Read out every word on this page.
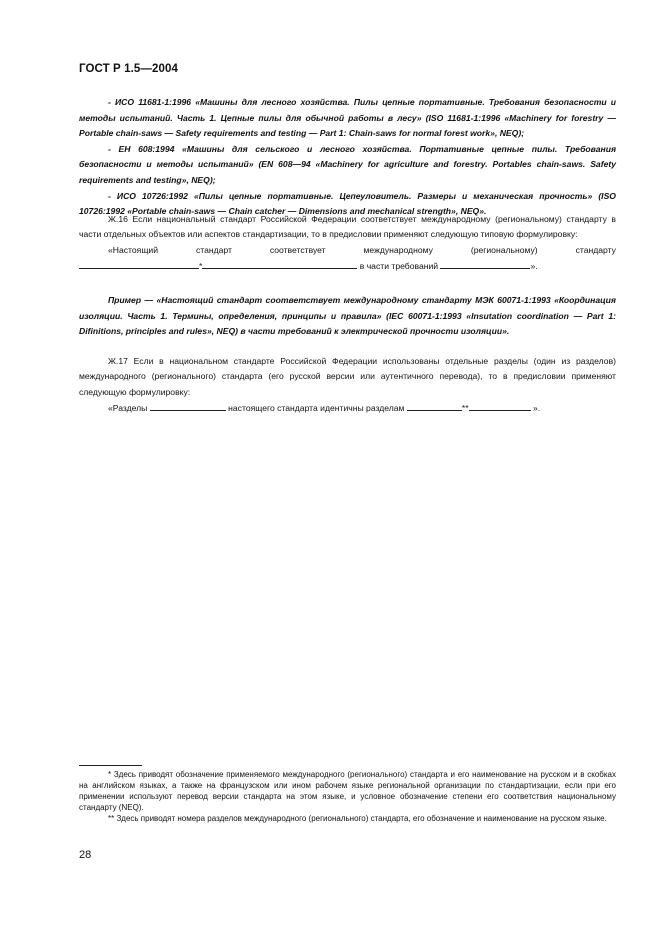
ГОСТ Р 1.5—2004

- ИСО 11681-1:1996 «Машины для лесного хозяйства. Пилы цепные портативные. Требования безопасности и методы испытаний. Часть 1. Цепные пилы для обычной работы в лесу» (ISO 11681-1:1996 «Machinery for forestry — Portable chain-saws — Safety requirements and testing — Part 1: Chain-saws for normal forest work», NEQ);

- ЕН 608:1994 «Машины для сельского и лесного хозяйства. Портативные цепные пилы. Требования безопасности и методы испытаний» (EN 608—94 «Machinery for agriculture and forestry. Portables chain-saws. Safety requirements and testing», NEQ);

- ИСО 10726:1992 «Пилы цепные портативные. Цепеуловитель. Размеры и механическая прочность» (ISO 10726:1992 «Portable chain-saws — Chain catcher — Dimensions and mechanical strength», NEQ».

Ж.16 Если национальный стандарт Российской Федерации соответствует международному (региональному) стандарту в части отдельных объектов или аспектов стандартизации, то в предисловии применяют следующую типовую формулировку:

«Настоящий	стандарт	соответствует	международному	(региональному)	стандарту
*	в части требований	».

Пример — «Настоящий стандарт соответствует международному стандарту МЭК 60071-1:1993 «Координация изоляции. Часть 1. Термины, определения, принципы и правила» (IEC 60071-1:1993 «Insutation coordination — Part 1: Difinitions, principles and rules», NEQ) в части требований к электрической прочности изоляции».

Ж.17 Если в национальном стандарте Российской Федерации использованы отдельные разделы (один из разделов) международного (регионального) стандарта (его русской версии или аутентичного перевода), то в предисловии применяют следующую формулировку:

«Разделы	настоящего стандарта идентичны разделам	**	».

* Здесь приводят обозначение применяемого международного (регионального) стандарта и его наименование на русском и в скобках на английском языках, а также на французском или ином рабочем языке региональной организации по стандартизации, если при его применении используют перевод версии стандарта на этом языке, и условное обозначение степени его соответствия национальному стандарту (NEQ).

** Здесь приводят номера разделов международного (регионального) стандарта, его обозначение и наименование на русском языке.

28
